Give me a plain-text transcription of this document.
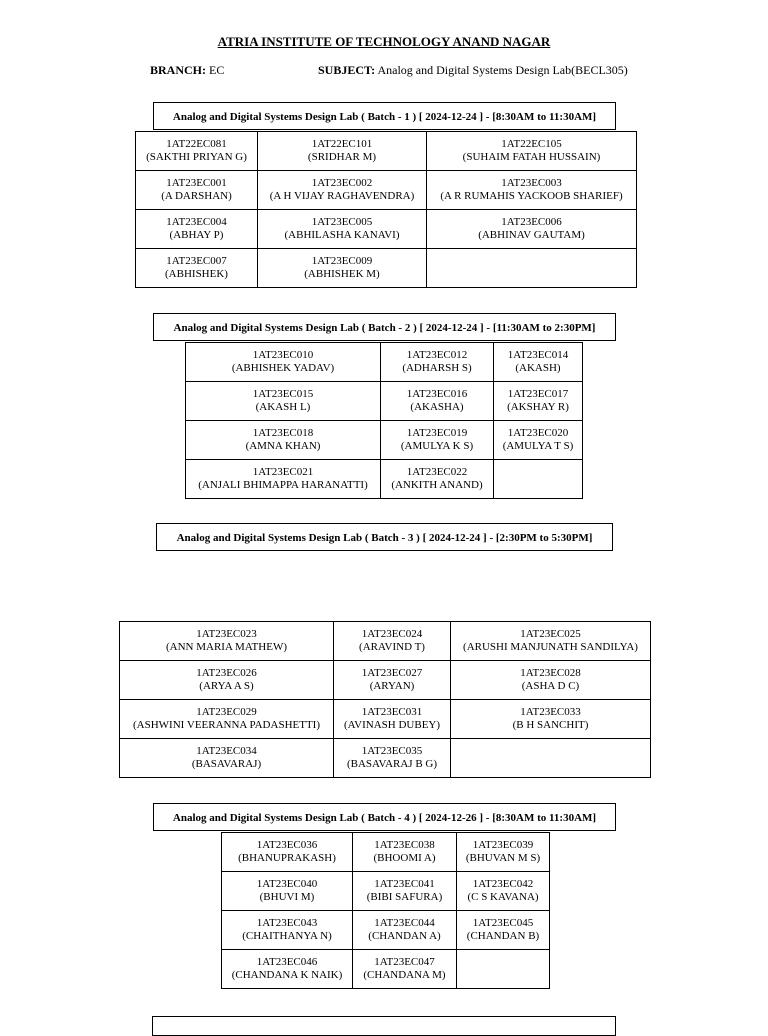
ATRIA INSTITUTE OF TECHNOLOGY ANAND NAGAR
BRANCH: EC	SUBJECT: Analog and Digital Systems Design Lab(BECL305)
Analog and Digital Systems Design Lab ( Batch - 1 ) [ 2024-12-24 ] - [8:30AM to 11:30AM]
1AT22EC081
(SAKTHI PRIYAN G)	1AT22EC101
(SRIDHAR M)	1AT22EC105
(SUHAIM FATAH HUSSAIN)

1AT23EC001
(A DARSHAN)	1AT23EC002
(A H VIJAY RAGHAVENDRA)	1AT23EC003
(A R RUMAHIS YACKOOB SHARIEF)

1AT23EC004
(ABHAY P)	1AT23EC005
(ABHILASHA KANAVI)	1AT23EC006
(ABHINAV GAUTAM)

1AT23EC007
(ABHISHEK)	1AT23EC009
(ABHISHEK M)	

Analog and Digital Systems Design Lab ( Batch - 2 ) [ 2024-12-24 ] - [11:30AM to 2:30PM]
1AT23EC010
(ABHISHEK YADAV)	1AT23EC012
(ADHARSH S)	1AT23EC014
(AKASH)

1AT23EC015
(AKASH L)	1AT23EC016
(AKASHA)	1AT23EC017
(AKSHAY R)

1AT23EC018
(AMNA KHAN)	1AT23EC019
(AMULYA K S)	1AT23EC020
(AMULYA T S)

1AT23EC021
(ANJALI BHIMAPPA HARANATTI)	1AT23EC022
(ANKITH ANAND)	

Analog and Digital Systems Design Lab ( Batch - 3 ) [ 2024-12-24 ] - [2:30PM to 5:30PM]
1AT23EC023
(ANN MARIA MATHEW)	1AT23EC024
(ARAVIND T)	1AT23EC025
(ARUSHI MANJUNATH SANDILYA)

1AT23EC026
(ARYA A S)	1AT23EC027
(ARYAN)	1AT23EC028
(ASHA D C)

1AT23EC029
(ASHWINI VEERANNA PADASHETTI)	1AT23EC031
(AVINASH DUBEY)	1AT23EC033
(B H SANCHIT)

1AT23EC034
(BASAVARAJ)	1AT23EC035
(BASAVARAJ B G)	

Analog and Digital Systems Design Lab ( Batch - 4 ) [ 2024-12-26 ] - [8:30AM to 11:30AM]
1AT23EC036
(BHANUPRAKASH)	1AT23EC038
(BHOOMI A)	1AT23EC039
(BHUVAN M S)

1AT23EC040
(BHUVI M)	1AT23EC041
(BIBI SAFURA)	1AT23EC042
(C S KAVANA)

1AT23EC043
(CHAITHANYA N)	1AT23EC044
(CHANDAN A)	1AT23EC045
(CHANDAN B)

1AT23EC046
(CHANDANA K NAIK)	1AT23EC047
(CHANDANA M)	
